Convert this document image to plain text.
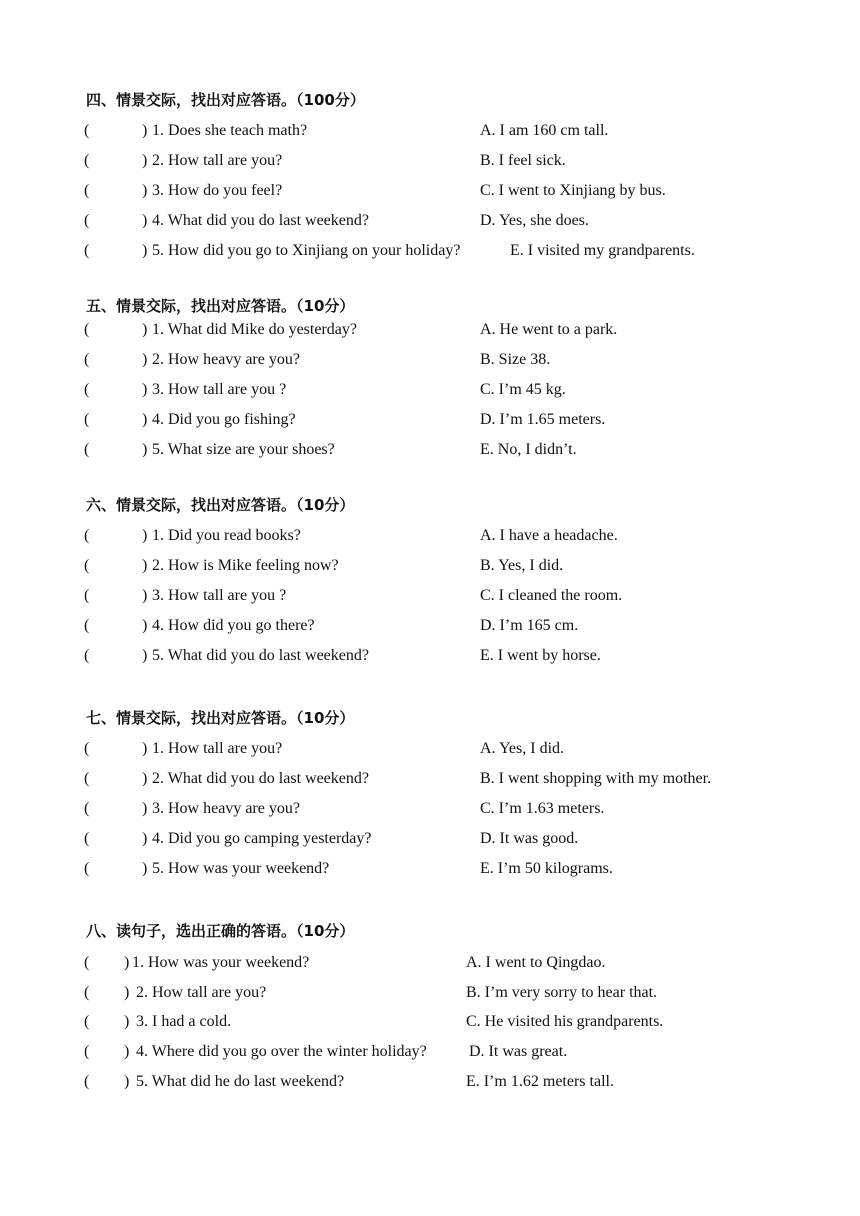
四、情景交际，找出对应答语。（100分）
(	) 1. Does she teach math?	A. I am 160 cm tall.
(	) 2. How tall are you?	B. I feel sick.
(	) 3. How do you feel?	C. I went to Xinjiang by bus.
(	) 4. What did you do last weekend?	D. Yes, she does.
(	) 5. How did you go to Xinjiang on your holiday?	E. I visited my grandparents.
五、情景交际，找出对应答语。（10分）
(	) 1. What did Mike do yesterday?	A. He went to a park.
(	) 2. How heavy are you?	B. Size 38.
(	) 3. How tall are you ?	C. I’m 45 kg.
(	) 4. Did you go fishing?	D. I’m 1.65 meters.
(	) 5. What size are your shoes?	E. No, I didn’t.
六、情景交际，找出对应答语。（10分）
(	) 1. Did you read books?	A. I have a headache.
(	) 2. How is Mike feeling now?	B. Yes, I did.
(	) 3. How tall are you ?	C. I cleaned the room.
(	) 4. How did you go there?	D. I’m 165 cm.
(	) 5. What did you do last weekend?	E. I went by horse.
七、情景交际，找出对应答语。（10分）
(	) 1. How tall are you?	A. Yes, I did.
(	) 2. What did you do last weekend?	B. I went shopping with my mother.
(	) 3. How heavy are you?	C. I’m 1.63 meters.
(	) 4. Did you go camping yesterday?	D. It was good.
(	) 5. How was your weekend?	E. I’m 50 kilograms.
八、读句子，选出正确的答语。（10分）
( ) 1. How was your weekend?	A. I went to Qingdao.
( ) 2. How tall are you?	B. I’m very sorry to hear that.
( ) 3. I had a cold.	C. He visited his grandparents.
( ) 4. Where did you go over the winter holiday?	D. It was great.
( ) 5. What did he do last weekend?	E. I’m 1.62 meters tall.
